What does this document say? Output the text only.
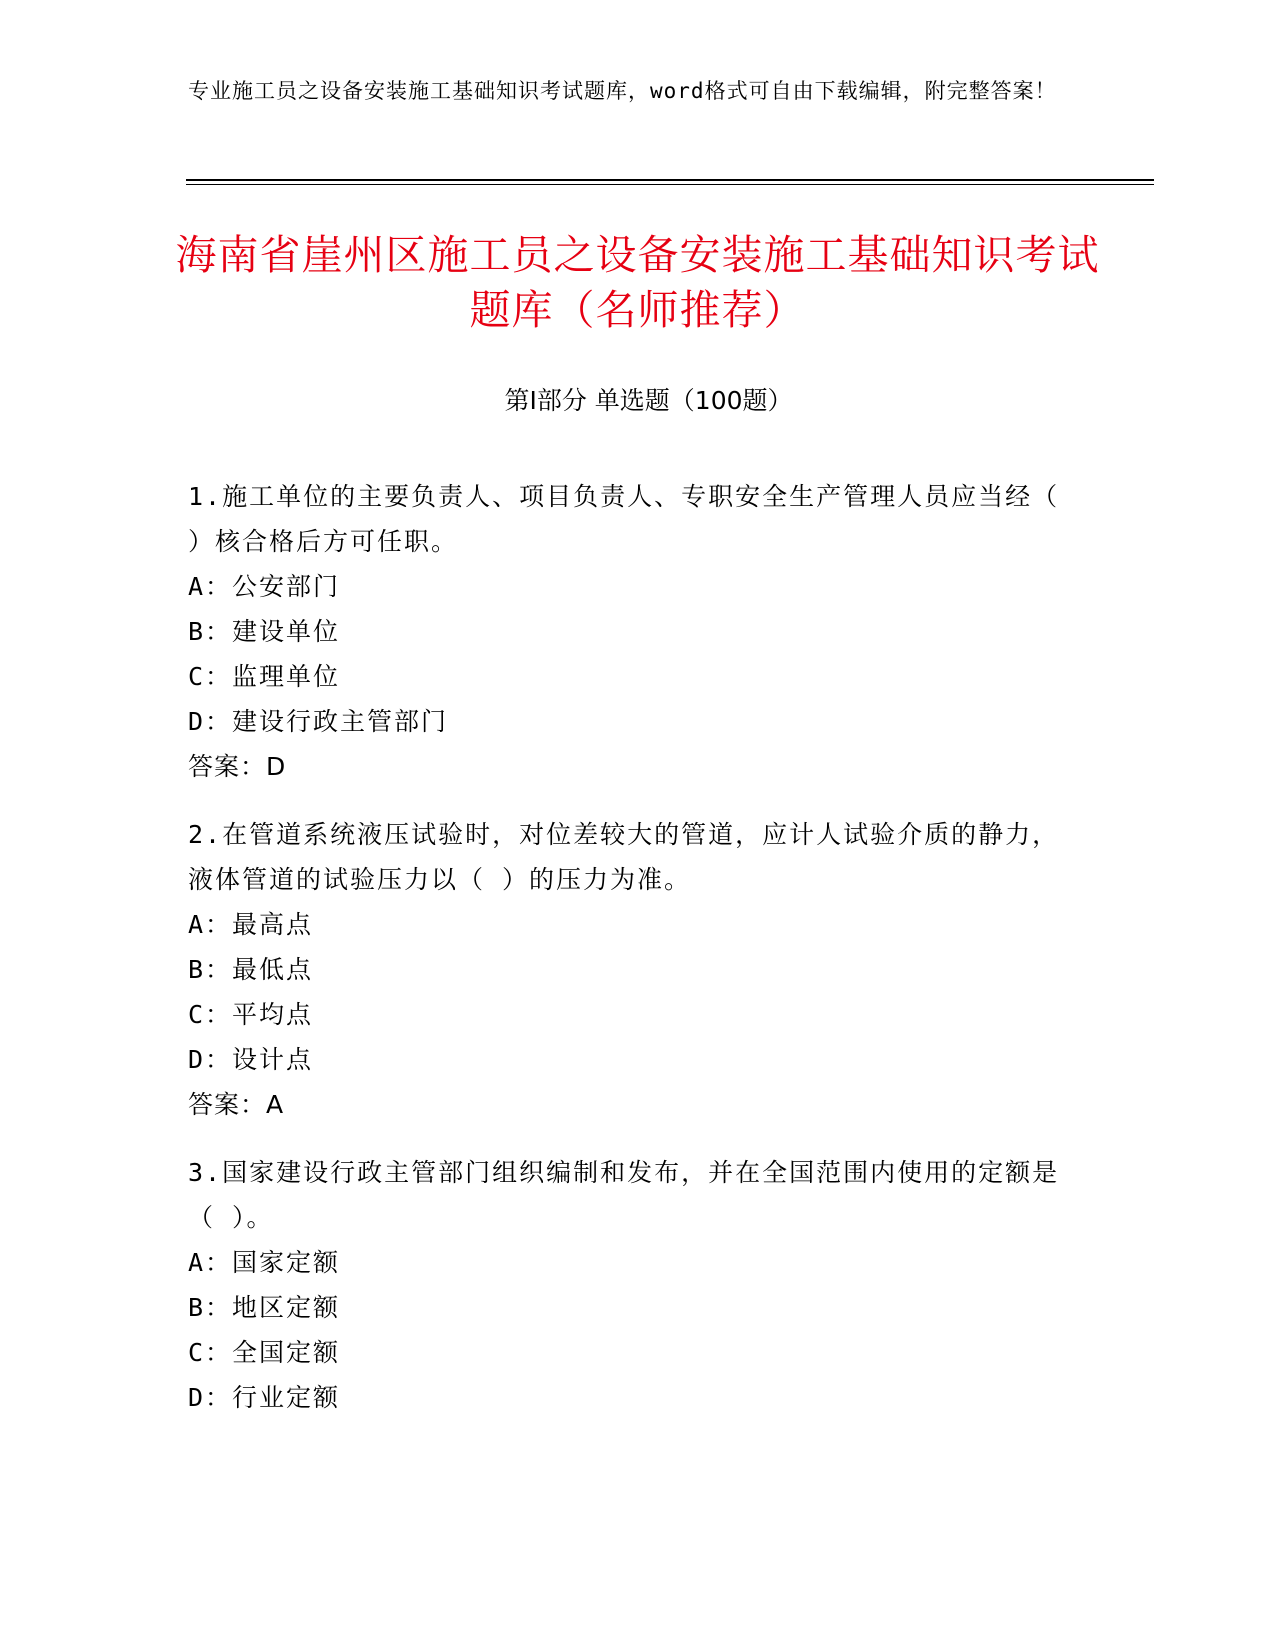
专业施工员之设备安装施工基础知识考试题库，word格式可自由下载编辑，附完整答案！
海南省崖州区施工员之设备安装施工基础知识考试题库（名师推荐）
第Ⅰ部分 单选题（100题）
1.施工单位的主要负责人、项目负责人、专职安全生产管理人员应当经（ ）核合格后方可任职。
A：公安部门
B：建设单位
C：监理单位
D：建设行政主管部门
答案：D
2.在管道系统液压试验时，对位差较大的管道，应计人试验介质的静力，液体管道的试验压力以（ ）的压力为准。
A：最高点
B：最低点
C：平均点
D：设计点
答案：A
3.国家建设行政主管部门组织编制和发布，并在全国范围内使用的定额是（ ）。
A：国家定额
B：地区定额
C：全国定额
D：行业定额
